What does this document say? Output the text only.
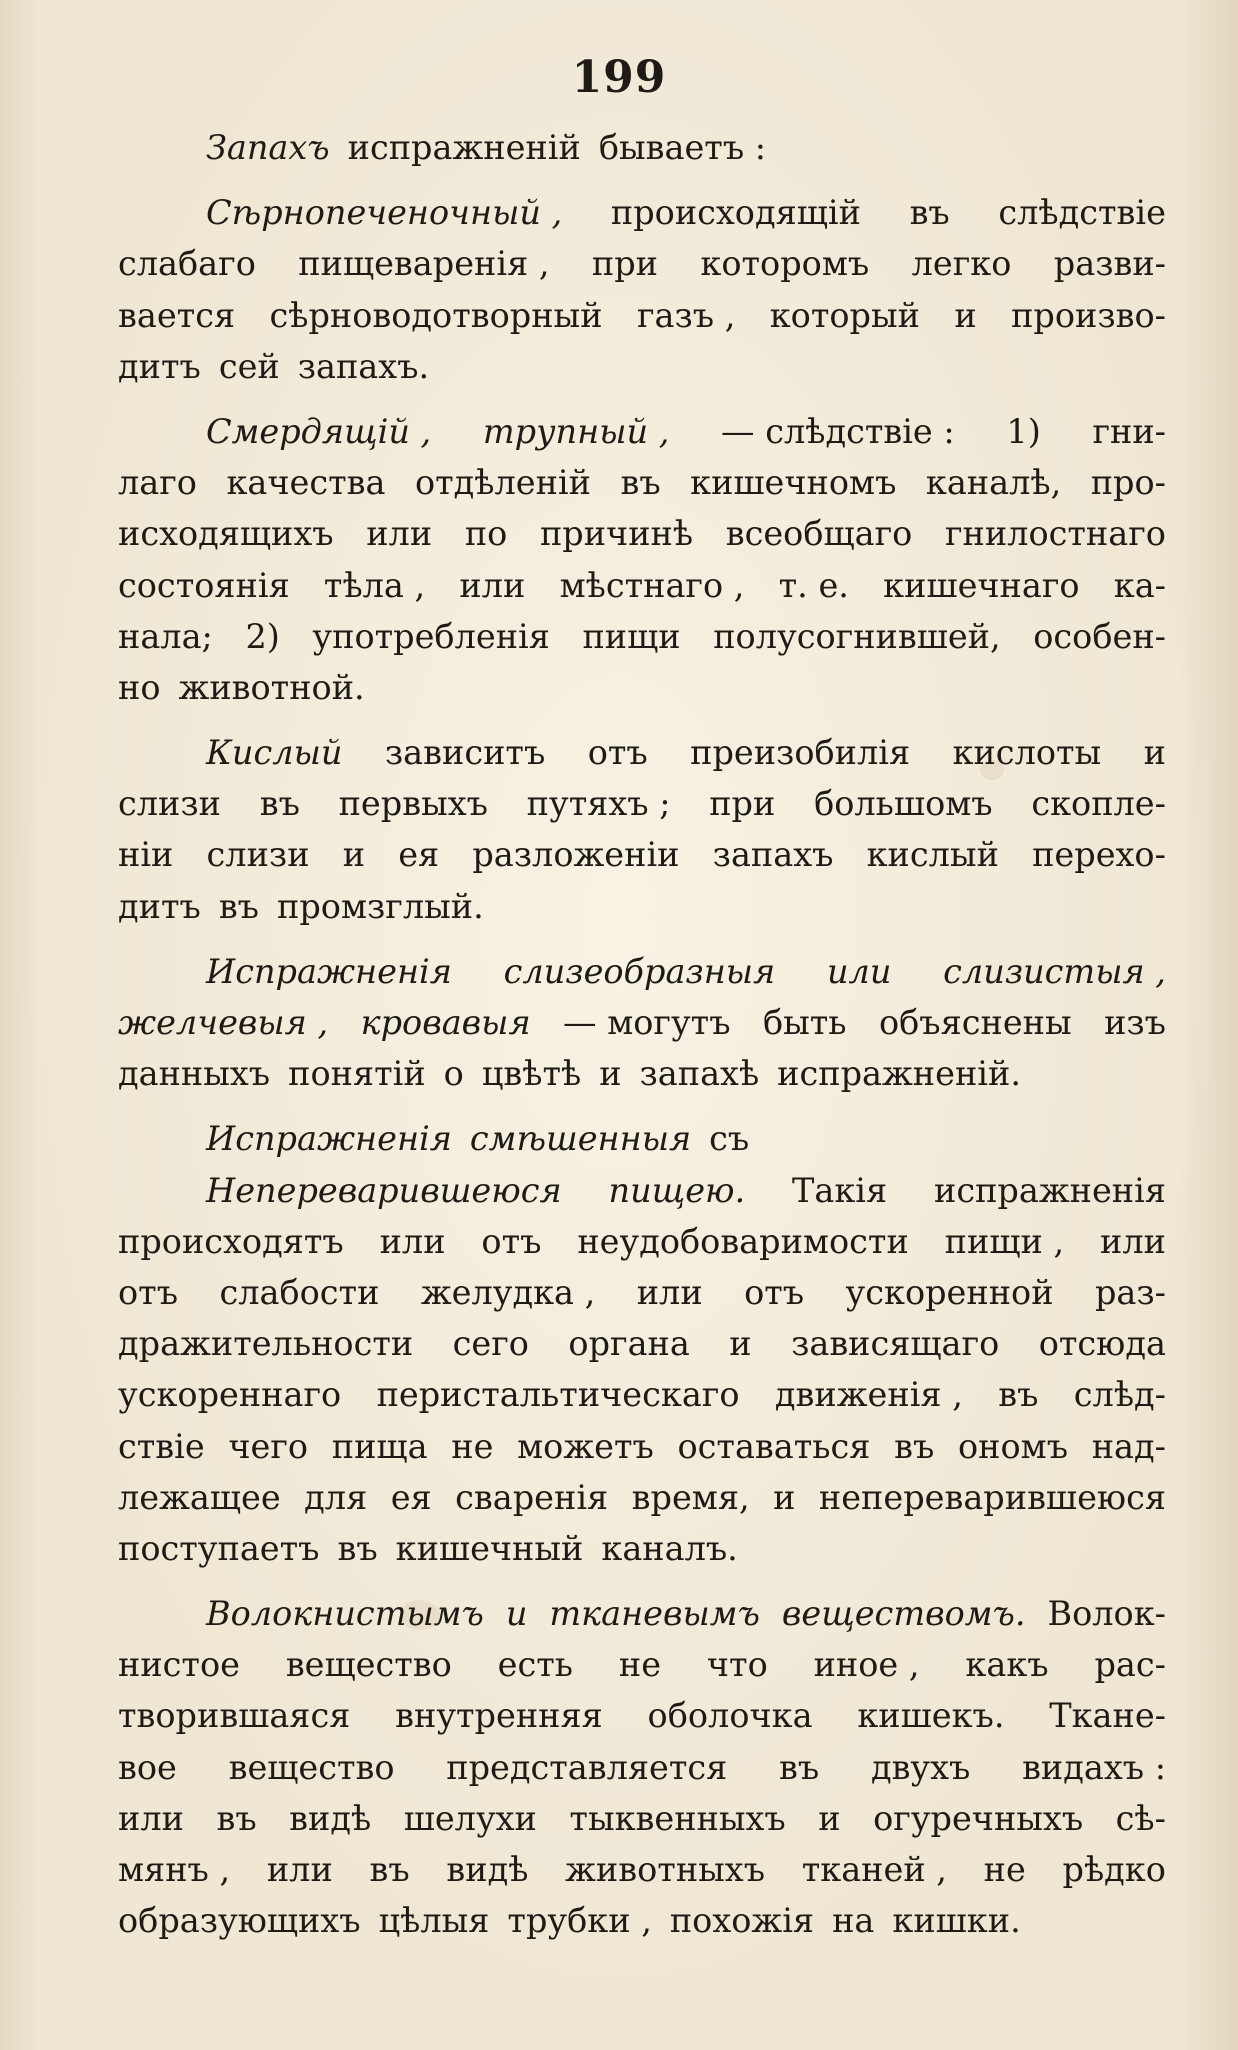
199
Запахъ испражненій бываетъ :
Сѣрнопеченочный , происходящій въ слѣдствіе
слабаго пищеваренія , при которомъ легко разви-
вается сѣрноводотворный газъ , который и произво-
дитъ сей запахъ.
Смердящій , трупный , — слѣдствіе : 1) гни-
лаго качества отдѣленій въ кишечномъ каналѣ, про-
исходящихъ или по причинѣ всеобщаго гнилостнаго
состоянія тѣла , или мѣстнаго , т. е. кишечнаго ка-
нала; 2) употребленія пищи полусогнившей, особен-
но животной.
Кислый зависитъ отъ преизобилія кислоты и
слизи въ первыхъ путяхъ ; при большомъ скопле-
ніи слизи и ея разложеніи запахъ кислый перехо-
дитъ въ промзглый.
Испражненія слизеобразныя или слизистыя ,
желчевыя , кровавыя — могутъ быть объяснены изъ
данныхъ понятій о цвѣтѣ и запахѣ испражненій.
Испражненія смѣшенныя съ
Непереварившеюся пищею. Такія испражненія
происходятъ или отъ неудобоваримости пищи , или
отъ слабости желудка , или отъ ускоренной раз-
дражительности сего органа и зависящаго отсюда
ускореннаго перистальтическаго движенія , въ слѣд-
ствіе чего пища не можетъ оставаться въ ономъ над-
лежащее для ея сваренія время, и непереварившеюся
поступаетъ въ кишечный каналъ.
Волокнистымъ и тканевымъ веществомъ. Волок-
нистое вещество есть не что иное , какъ рас-
творившаяся внутренняя оболочка кишекъ. Ткане-
вое вещество представляется въ двухъ видахъ :
или въ видѣ шелухи тыквенныхъ и огуречныхъ сѣ-
мянъ , или въ видѣ животныхъ тканей , не рѣдко
образующихъ цѣлыя трубки , похожія на кишки.
